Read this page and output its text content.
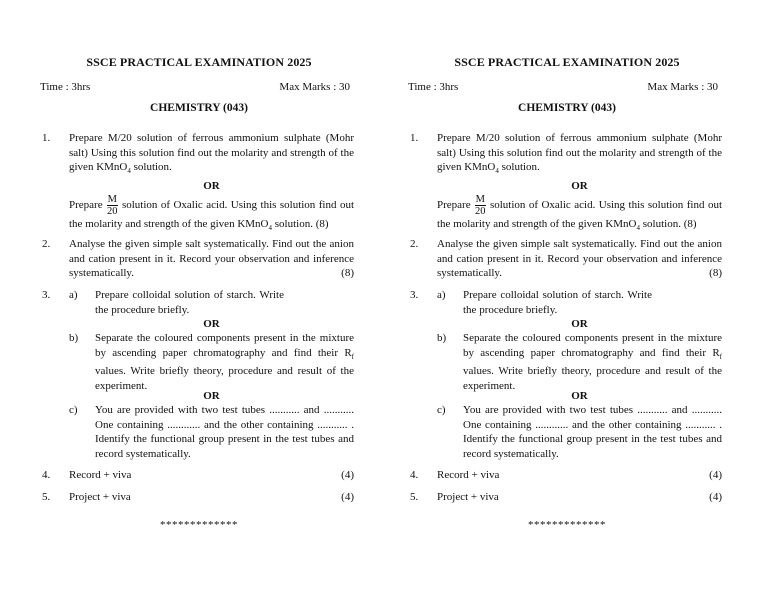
SSCE PRACTICAL EXAMINATION 2025
Time : 3hrs	Max Marks : 30
CHEMISTRY (043)
1. Prepare M/20 solution of ferrous ammonium sulphate (Mohr salt) Using this solution find out the molarity and strength of the given KMnO$_4$ solution.
OR
Prepare $\frac{M}{20}$ solution of Oxalic acid. Using this solution find out the molarity and strength of the given KMnO$_4$ solution. (8)
2. Analyse the given simple salt systematically. Find out the anion and cation present in it. Record your observation and inference systematically.	(8)
3. a) Prepare colloidal solution of starch. Write the procedure briefly.
OR
b) Separate the coloured components present in the mixture by ascending paper chromatography and find their $R_f$ values. Write briefly theory, procedure and result of the experiment.
OR
c) You are provided with two test tubes ........... and ........... One containing ............ and the other containing ........... . Identify the functional group present in the test tubes and record systematically.
4. Record + viva	(4)
5. Project + viva	(4)
*************
SSCE PRACTICAL EXAMINATION 2025
Time : 3hrs	Max Marks : 30
CHEMISTRY (043)
1. Prepare M/20 solution of ferrous ammonium sulphate (Mohr salt) Using this solution find out the molarity and strength of the given KMnO$_4$ solution.
OR
Prepare $\frac{M}{20}$ solution of Oxalic acid. Using this solution find out the molarity and strength of the given KMnO$_4$ solution. (8)
2. Analyse the given simple salt systematically. Find out the anion and cation present in it. Record your observation and inference systematically.	(8)
3. a) Prepare colloidal solution of starch. Write the procedure briefly.
OR
b) Separate the coloured components present in the mixture by ascending paper chromatography and find their $R_f$ values. Write briefly theory, procedure and result of the experiment.
OR
c) You are provided with two test tubes ........... and ........... One containing ............ and the other containing ........... . Identify the functional group present in the test tubes and record systematically.
4. Record + viva	(4)
5. Project + viva	(4)
*************
